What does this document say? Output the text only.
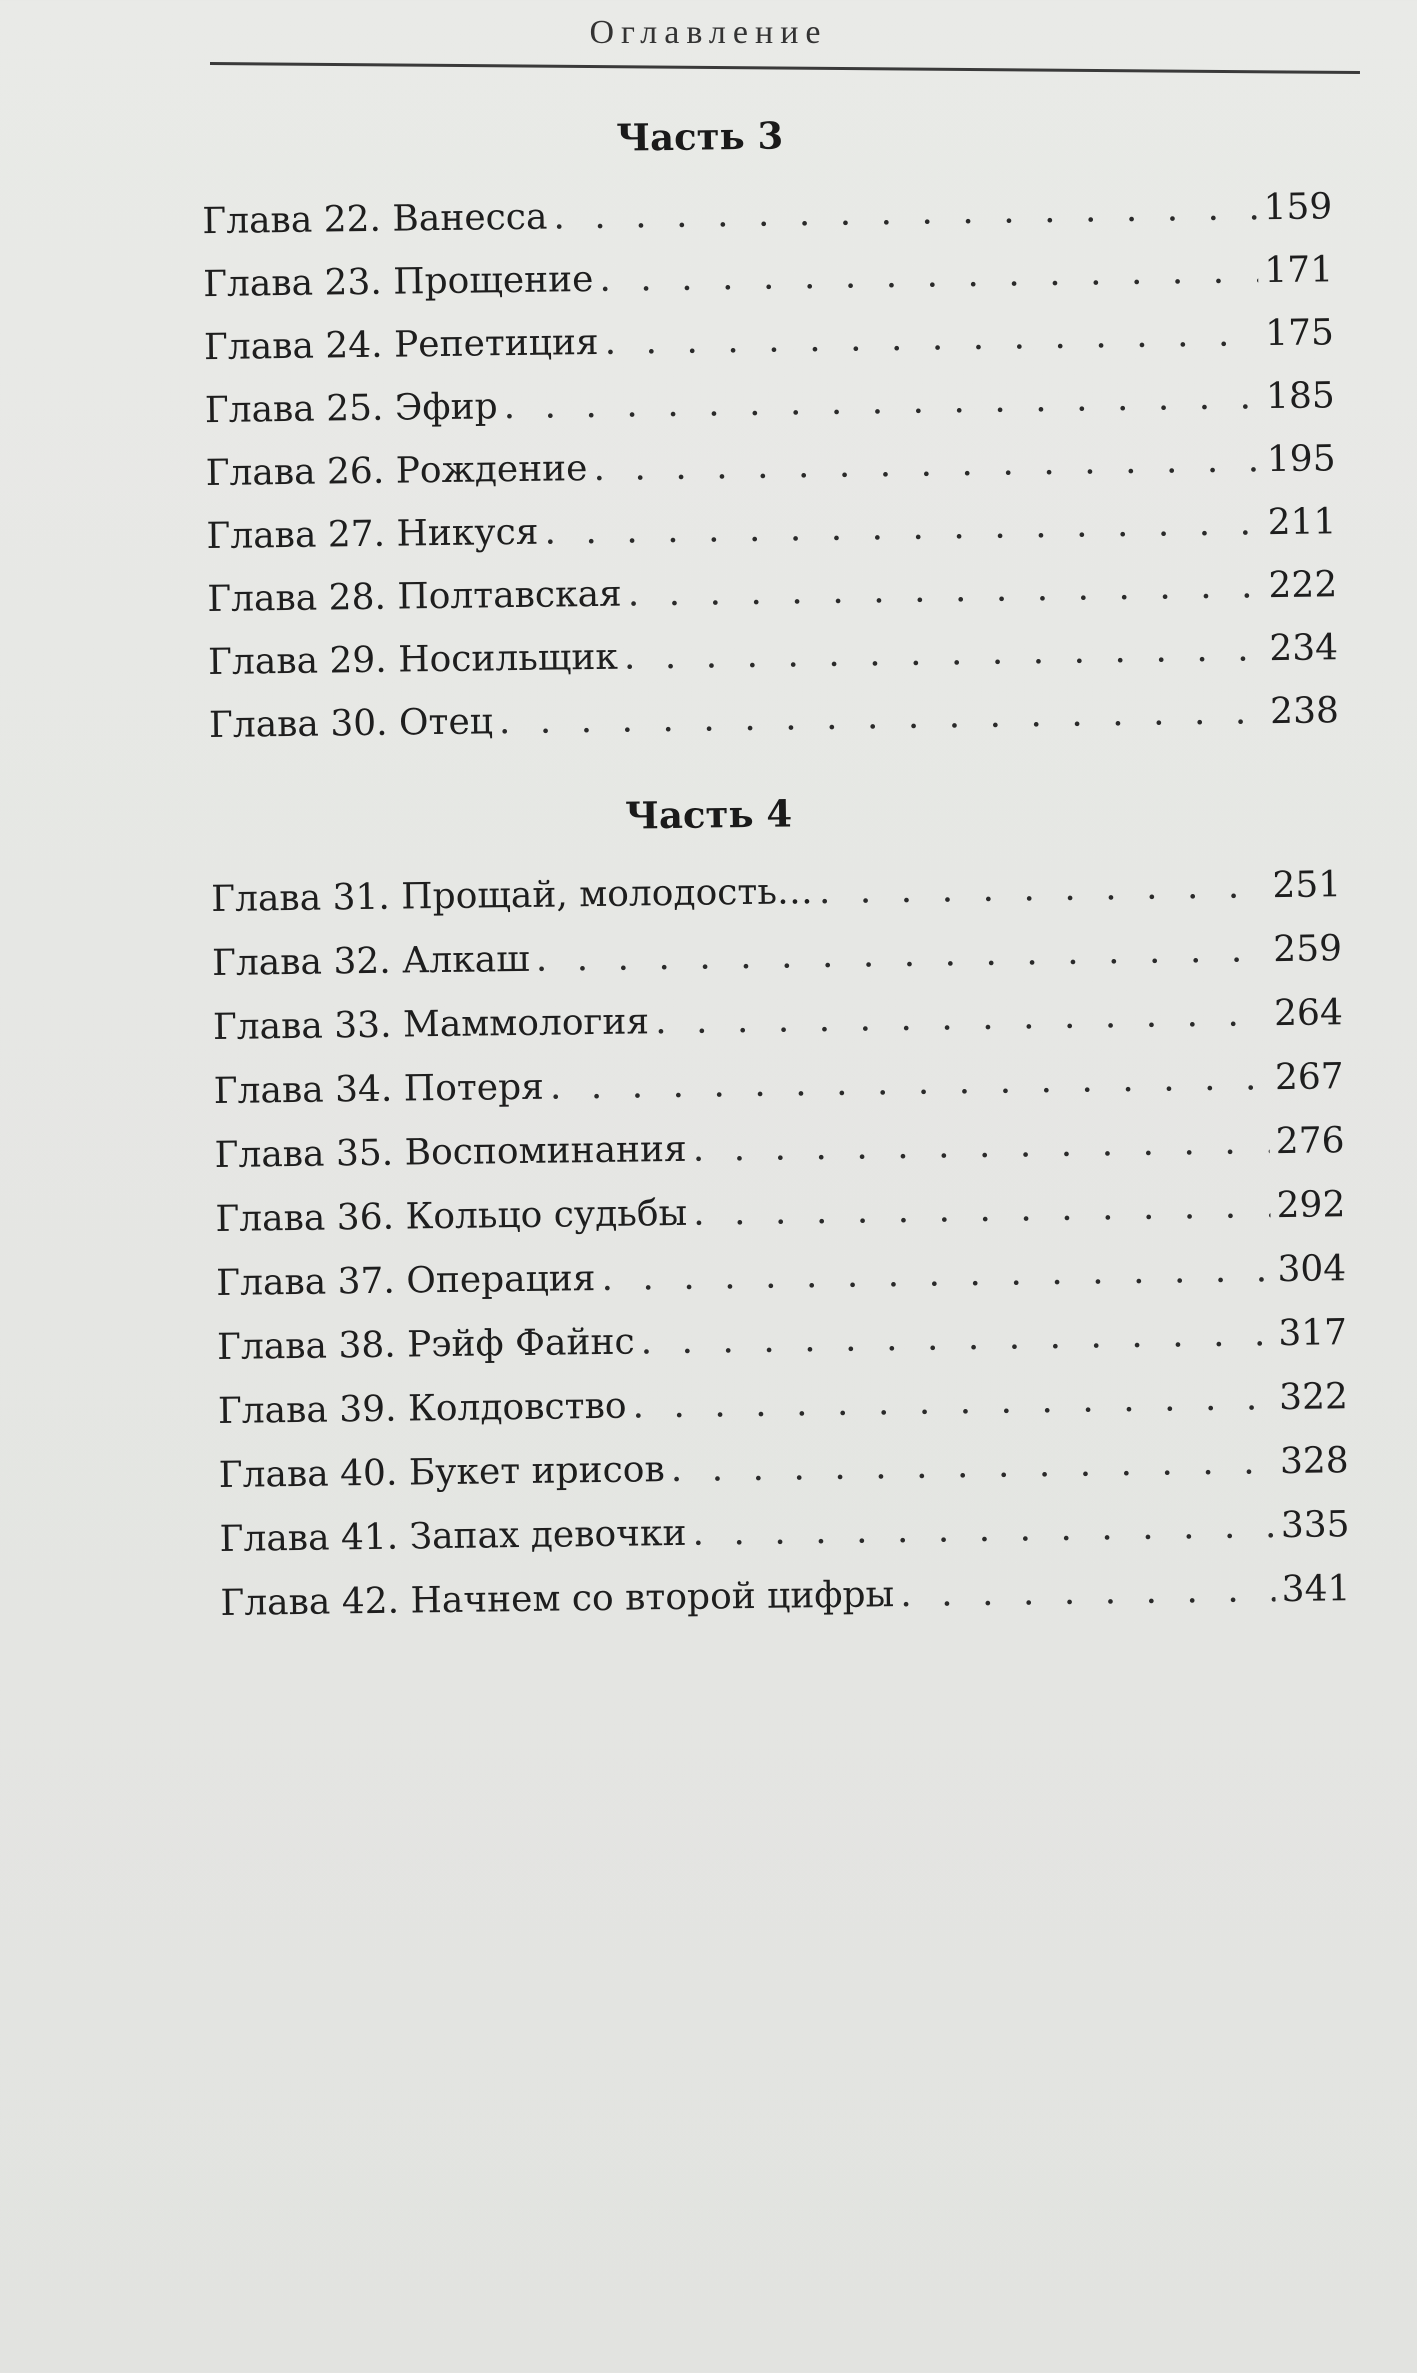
Оглавление
Часть 3
Глава 22. Ванесса . . .	159
Глава 23. Прощение . . .	171
Глава 24. Репетиция . . .	175
Глава 25. Эфир . . .	185
Глава 26. Рождение . . .	195
Глава 27. Никуся . . .	211
Глава 28. Полтавская . . .	222
Глава 29. Носильщик . . .	234
Глава 30. Отец . . .	238
Часть 4
Глава 31. Прощай, молодость… . . .	251
Глава 32. Алкаш . . .	259
Глава 33. Маммология . . .	264
Глава 34. Потеря . . .	267
Глава 35. Воспоминания . . .	276
Глава 36. Кольцо судьбы . . .	292
Глава 37. Операция . . .	304
Глава 38. Рэйф Файнс . . .	317
Глава 39. Колдовство . . .	322
Глава 40. Букет ирисов . . .	328
Глава 41. Запах девочки . . .	335
Глава 42. Начнем со второй цифры . . .	341
